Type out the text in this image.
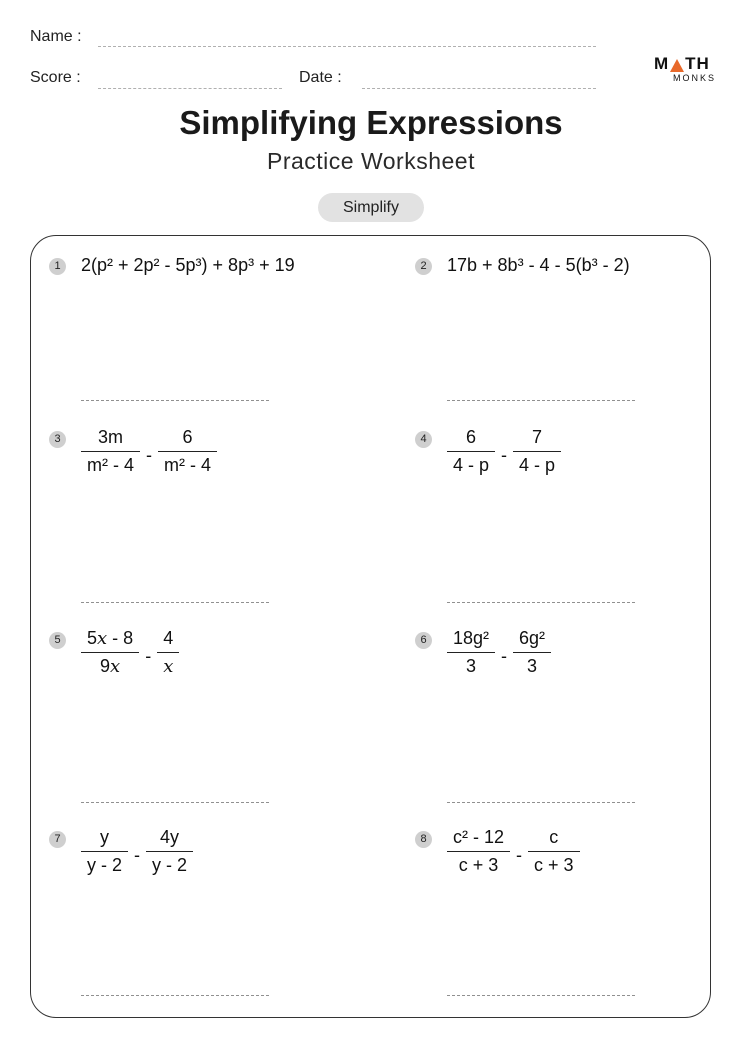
Name :
Score :	Date :
M TH
MONKS
Simplifying Expressions
Practice Worksheet
Simplify
1	2(p² + 2p² - 5p³) + 8p³ + 19	2	17b + 8b³ - 4 - 5(b³ - 2)
3	$\frac{3m}{\text{m² - 4}} - \frac{6}{\text{m² - 4}}$	4	$\frac{6}{4 - p} - \frac{7}{4 - p}$
5	$\frac{5x - 8}{9x} - \frac{4}{x}$	6	$\frac{\text{18g²}}{3} - \frac{\text{6g²}}{3}$
7	$\frac{y}{y - 2} - \frac{4y}{y - 2}$	8	$\frac{\text{c² - 12}}{c + 3} - \frac{c}{c + 3}$
